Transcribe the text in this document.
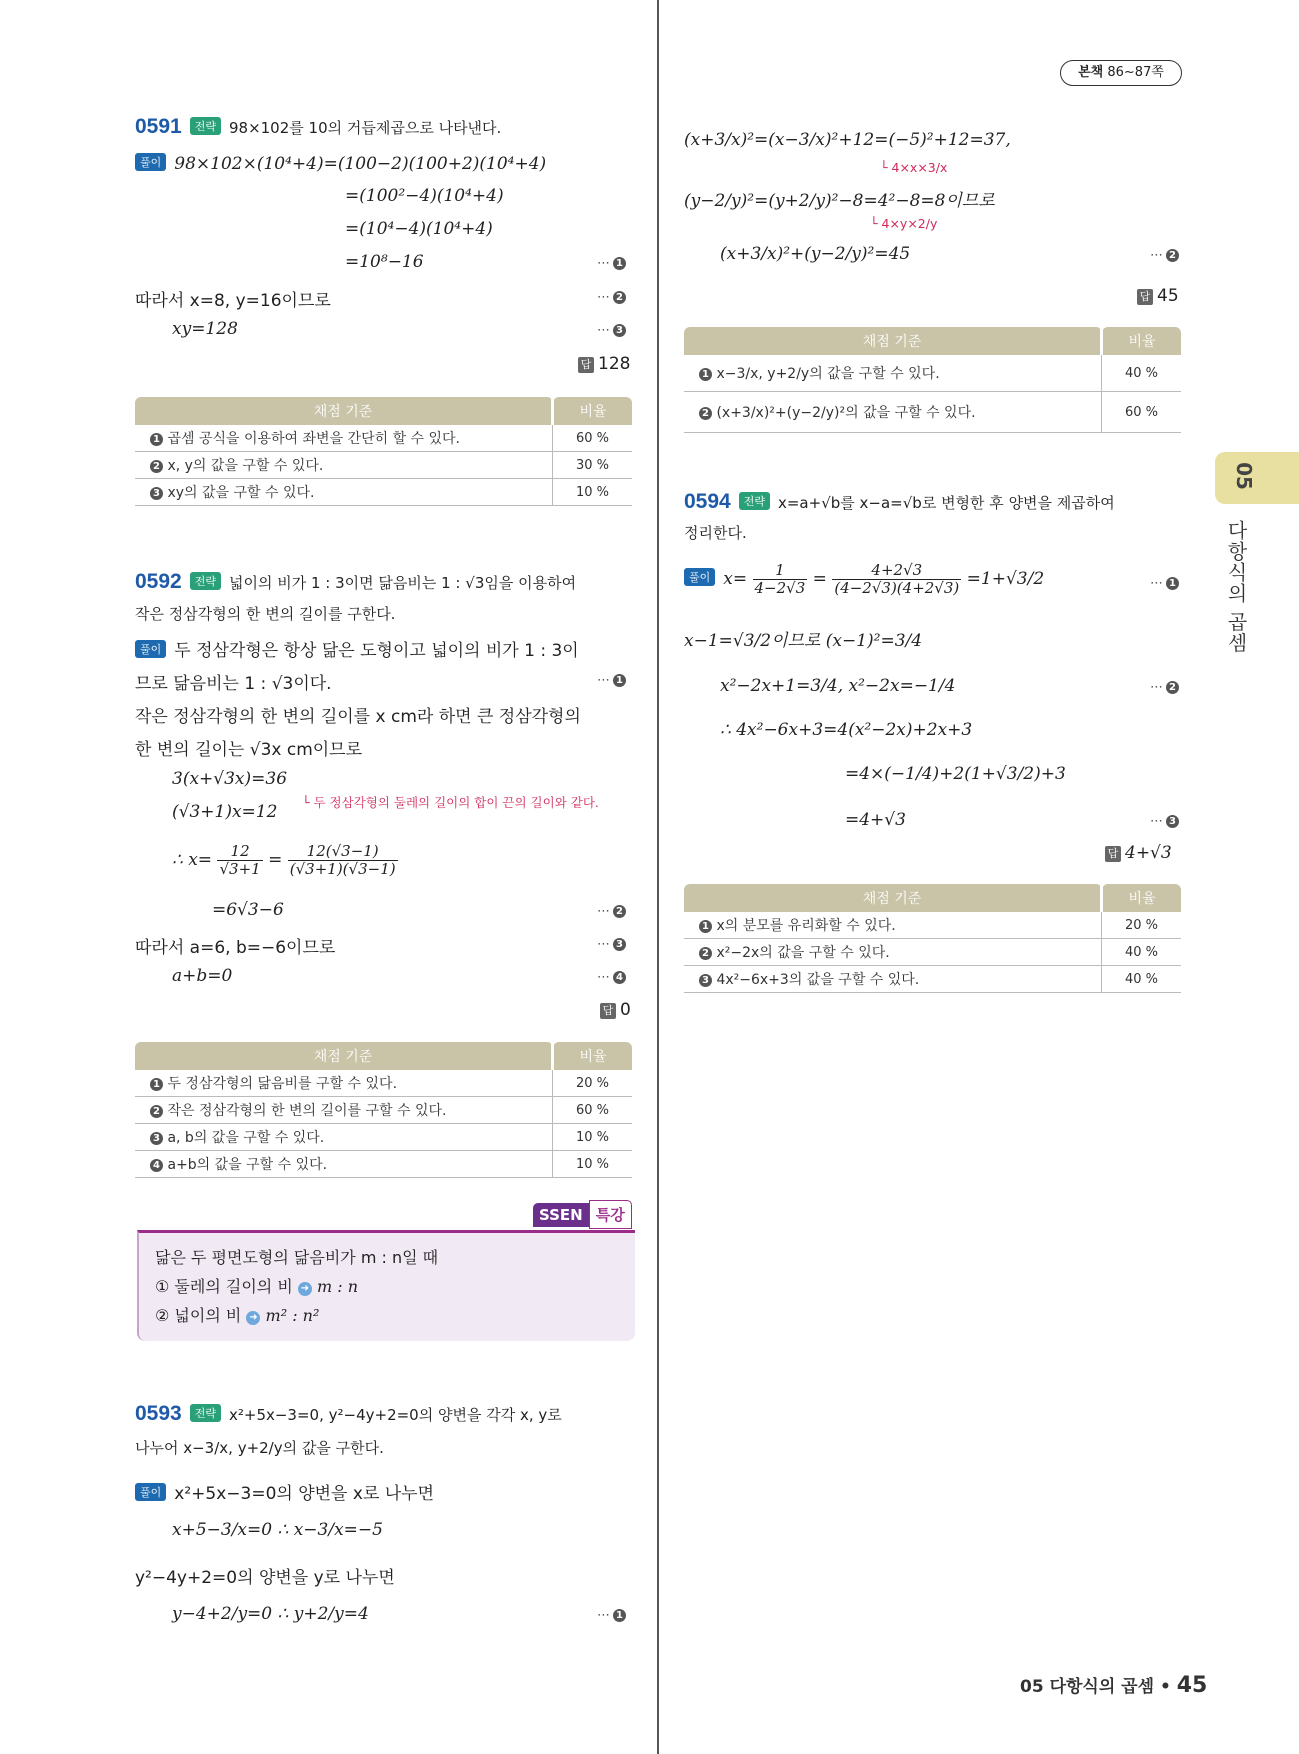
본책 86~87쪽
0591 전략 98×102를 10의 거듭제곱으로 나타낸다.
풀이 98×102×(10⁴+4)=(100−2)(100+2)(10⁴+4)
=(100²−4)(10⁴+4)
=(10⁴−4)(10⁴+4)
=10⁸−16	⋯ 1
따라서 x=8, y=16이므로	⋯ 2
xy=128	⋯ 3
답 128
채점 기준	비율
1 곱셈 공식을 이용하여 좌변을 간단히 할 수 있다.	60 %
2 x, y의 값을 구할 수 있다.	30 %
3 xy의 값을 구할 수 있다.	10 %
0592 전략 넓이의 비가 1 : 3이면 닮음비는 1 : √3임을 이용하여
작은 정삼각형의 한 변의 길이를 구한다.
풀이 두 정삼각형은 항상 닮은 도형이고 넓이의 비가 1 : 3이
므로 닮음비는 1 : √3이다.	⋯ 1
작은 정삼각형의 한 변의 길이를 x cm라 하면 큰 정삼각형의
한 변의 길이는 √3x cm이므로
3(x+√3x)=36
(√3+1)x=12 └ 두 정삼각형의 둘레의 길이의 합이 끈의 길이와 같다.
∴ $x= \frac{12}{√3+1} = \frac{12(√3-1)}{(√3+1)(√3-1)}$
=6√3−6	⋯ 2
따라서 a=6, b=−6이므로	⋯ 3
a+b=0	⋯ 4
답 0
채점 기준	비율
1 두 정삼각형의 닮음비를 구할 수 있다.	20 %
2 작은 정삼각형의 한 변의 길이를 구할 수 있다.	60 %
3 a, b의 값을 구할 수 있다.	10 %
4 a+b의 값을 구할 수 있다.	10 %
SSEN 특강
닮은 두 평면도형의 닮음비가 m : n일 때
① 둘레의 길이의 비 ➜ m : n
② 넓이의 비 ➜ m² : n²
0593 전략 x²+5x−3=0, y²−4y+2=0의 양변을 각각 x, y로
나누어 x−3/x, y+2/y의 값을 구한다.
풀이 x²+5x−3=0의 양변을 x로 나누면
x+5−3/x=0 ∴ x−3/x=−5
y²−4y+2=0의 양변을 y로 나누면
y−4+2/y=0 ∴ y+2/y=4	⋯ 1
(x+3/x)²=(x−3/x)²+12=(−5)²+12=37,
└ 4×x×3/x
(y−2/y)²=(y+2/y)²−8=4²−8=8이므로
└ 4×y×2/y
(x+3/x)²+(y−2/y)²=45	⋯ 2
답 45
채점 기준	비율
1 x−3/x, y+2/y의 값을 구할 수 있다.	40 %
2 (x+3/x)²+(y−2/y)²의 값을 구할 수 있다.	60 %
0594 전략 x=a+√b를 x−a=√b로 변형한 후 양변을 제곱하여
정리한다.
풀이 $x= \frac{1}{4-2√3} = \frac{4+2√3}{(4-2√3)(4+2√3)} =1+√3/2$	⋯ 1
x−1=√3/2이므로 (x−1)²=3/4
x²−2x+1=3/4, x²−2x=−1/4	⋯ 2
∴ 4x²−6x+3=4(x²−2x)+2x+3
=4×(−1/4)+2(1+√3/2)+3
=4+√3	⋯ 3
답 4+√3
채점 기준	비율
1 x의 분모를 유리화할 수 있다.	20 %
2 x²−2x의 값을 구할 수 있다.	40 %
3 4x²−6x+3의 값을 구할 수 있다.	40 %
05
다항식의 곱셈
05 다항식의 곱셈 • 45
